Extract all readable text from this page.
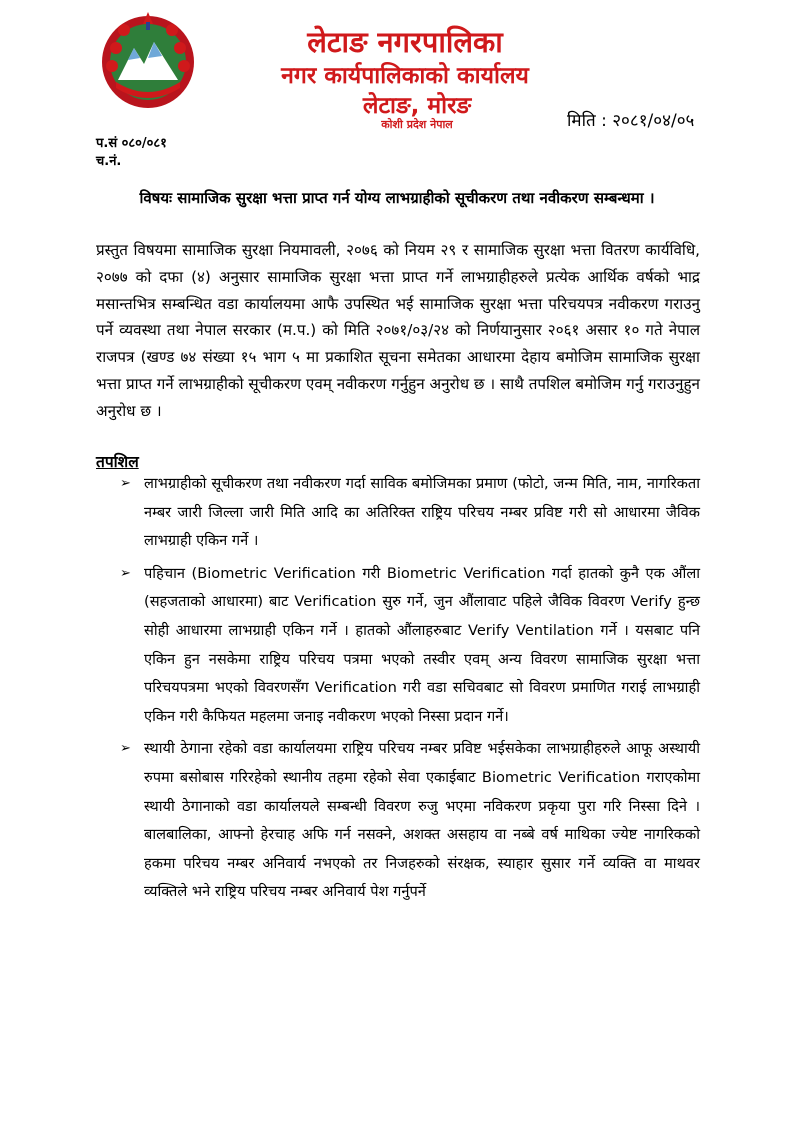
लेटाङ नगरपालिका
नगर कार्यपालिकाको कार्यालय
लेटाङ, मोरङ
कोशी प्रदेश नेपाल	मिति : २०८१/०४/०५
प.सं ०८०/०८१
च.नं.
विषयः सामाजिक सुरक्षा भत्ता प्राप्त गर्न योग्य लाभग्राहीको सूचीकरण तथा नवीकरण सम्बन्धमा ।
प्रस्तुत विषयमा सामाजिक सुरक्षा नियमावली, २०७६ को नियम २९ र सामाजिक सुरक्षा भत्ता वितरण कार्यविधि, २०७७ को दफा (४) अनुसार सामाजिक सुरक्षा भत्ता प्राप्त गर्ने लाभग्राहीहरुले प्रत्येक आर्थिक वर्षको भाद्र मसान्तभित्र सम्बन्धित वडा कार्यालयमा आफै उपस्थित भई सामाजिक सुरक्षा भत्ता परिचयपत्र नवीकरण गराउनु पर्ने व्यवस्था तथा नेपाल सरकार (म.प.) को मिति २०७१/०३/२४ को निर्णयानुसार २०६१ असार १० गते नेपाल राजपत्र (खण्ड ७४ संख्या १५ भाग ५ मा प्रकाशित सूचना समेतका आधारमा देहाय बमोजिम सामाजिक सुरक्षा भत्ता प्राप्त गर्ने लाभग्राहीको सूचीकरण एवम् नवीकरण गर्नुहुन अनुरोध छ । साथै तपशिल बमोजिम गर्नु गराउनुहुन अनुरोध छ ।
तपशिल
➢ लाभग्राहीको सूचीकरण तथा नवीकरण गर्दा साविक बमोजिमका प्रमाण (फोटो, जन्म मिति, नाम, नागरिकता नम्बर जारी जिल्ला जारी मिति आदि का अतिरिक्त राष्ट्रिय परिचय नम्बर प्रविष्ट गरी सो आधारमा जैविक लाभग्राही एकिन गर्ने ।
➢ पहिचान (Biometric Verification गरी Biometric Verification गर्दा हातको कुनै एक औंला (सहजताको आधारमा) बाट Verification सुरु गर्ने, जुन औंलावाट पहिले जैविक विवरण Verify हुन्छ सोही आधारमा लाभग्राही एकिन गर्ने । हातको औंलाहरुबाट Verify Ventilation गर्ने । यसबाट पनि एकिन हुन नसकेमा राष्ट्रिय परिचय पत्रमा भएको तस्वीर एवम् अन्य विवरण सामाजिक सुरक्षा भत्ता परिचयपत्रमा भएको विवरणसँग Verification गरी वडा सचिवबाट सो विवरण प्रमाणित गराई लाभग्राही एकिन गरी कैफियत महलमा जनाइ नवीकरण भएको निस्सा प्रदान गर्ने।
➢ स्थायी ठेगाना रहेको वडा कार्यालयमा राष्ट्रिय परिचय नम्बर प्रविष्ट भईसकेका लाभग्राहीहरुले आफू अस्थायी रुपमा बसोबास गरिरहेको स्थानीय तहमा रहेको सेवा एकाईबाट Biometric Verification गराएकोमा स्थायी ठेगानाको वडा कार्यालयले सम्बन्धी विवरण रुजु भएमा नविकरण प्रकृया पुरा गरि निस्सा दिने । बालबालिका, आफ्नो हेरचाह अफि गर्न नसक्ने, अशक्त असहाय वा नब्बे वर्ष माथिका ज्येष्ट नागरिकको हकमा परिचय नम्बर अनिवार्य नभएको तर निजहरुको संरक्षक, स्याहार सुसार गर्ने व्यक्ति वा माथवर व्यक्तिले भने राष्ट्रिय परिचय नम्बर अनिवार्य पेश गर्नुपर्ने
